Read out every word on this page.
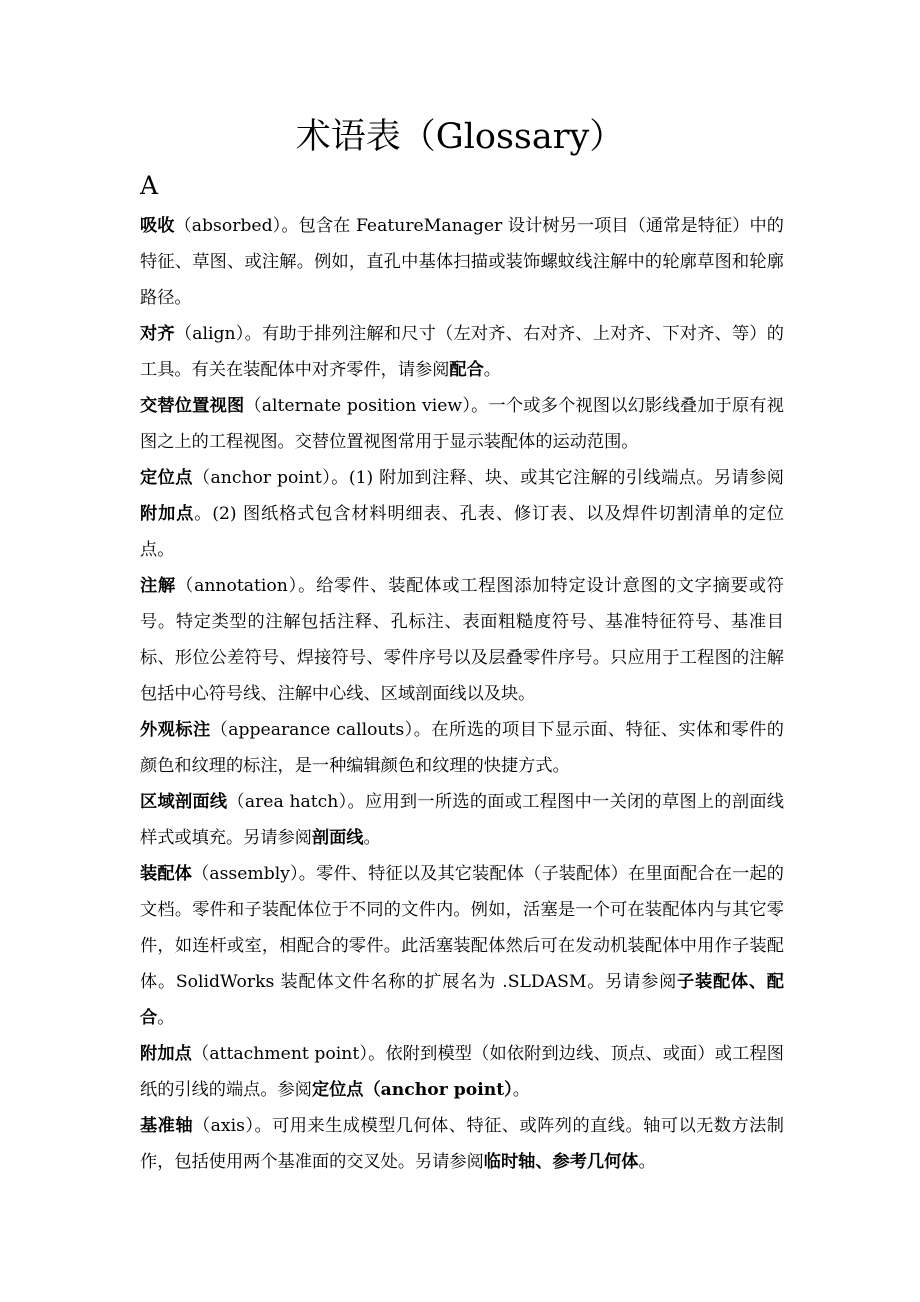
术语表（Glossary）
A

吸收（absorbed）。包含在 FeatureManager 设计树另一项目（通常是特征）中的特征、草图、或注解。例如，直孔中基体扫描或装饰螺蚊线注解中的轮廓草图和轮廓路径。

对齐（align）。有助于排列注解和尺寸（左对齐、右对齐、上对齐、下对齐、等）的工具。有关在装配体中对齐零件，请参阅配合。

交替位置视图（alternate position view）。一个或多个视图以幻影线叠加于原有视图之上的工程视图。交替位置视图常用于显示装配体的运动范围。

定位点（anchor point）。(1) 附加到注释、块、或其它注解的引线端点。另请参阅附加点。(2) 图纸格式包含材料明细表、孔表、修订表、以及焊件切割清单的定位点。

注解（annotation）。给零件、装配体或工程图添加特定设计意图的文字摘要或符号。特定类型的注解包括注释、孔标注、表面粗糙度符号、基准特征符号、基准目标、形位公差符号、焊接符号、零件序号以及层叠零件序号。只应用于工程图的注解包括中心符号线、注解中心线、区域剖面线以及块。

外观标注（appearance callouts）。在所选的项目下显示面、特征、实体和零件的颜色和纹理的标注，是一种编辑颜色和纹理的快捷方式。

区域剖面线（area hatch）。应用到一所选的面或工程图中一关闭的草图上的剖面线样式或填充。另请参阅剖面线。

装配体（assembly）。零件、特征以及其它装配体（子装配体）在里面配合在一起的文档。零件和子装配体位于不同的文件内。例如，活塞是一个可在装配体内与其它零件，如连杆或室，相配合的零件。此活塞装配体然后可在发动机装配体中用作子装配体。SolidWorks 装配体文件名称的扩展名为 .SLDASM。另请参阅子装配体、配合。

附加点（attachment point）。依附到模型（如依附到边线、顶点、或面）或工程图纸的引线的端点。参阅定位点（anchor point）。

基准轴（axis）。可用来生成模型几何体、特征、或阵列的直线。轴可以无数方法制作，包括使用两个基准面的交叉处。另请参阅临时轴、参考几何体。
